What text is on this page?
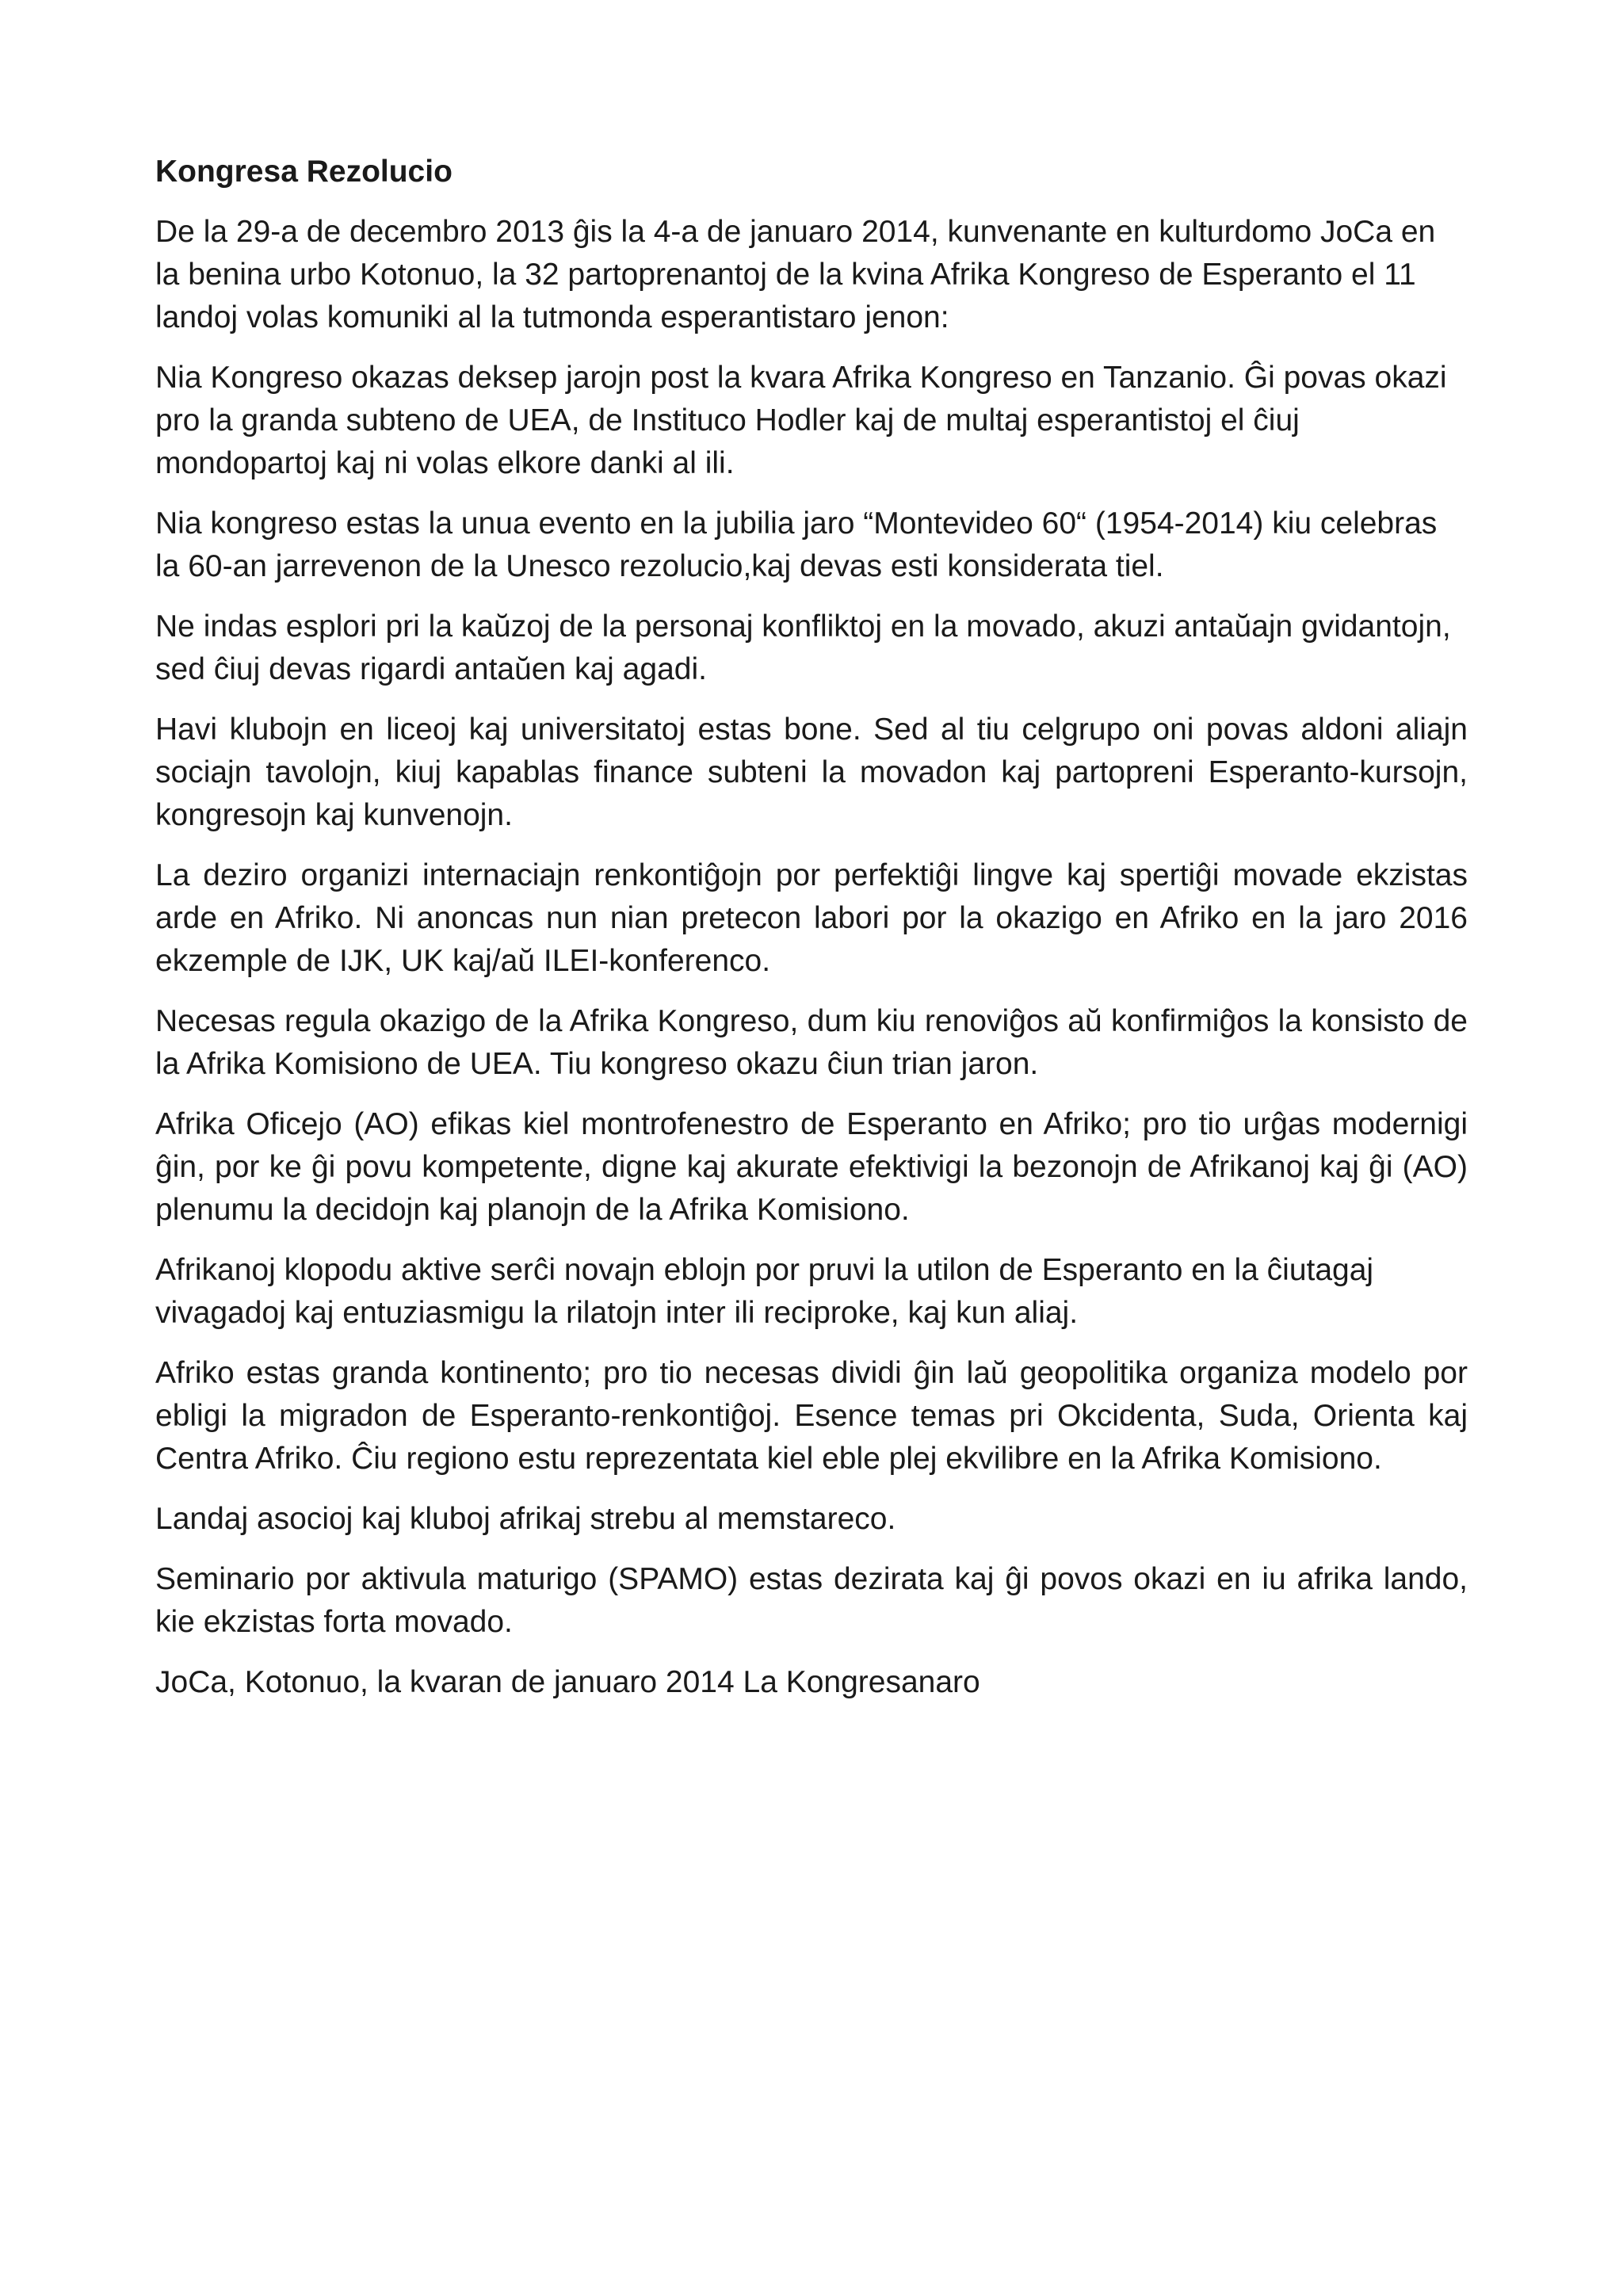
Kongresa Rezolucio

De la 29-a de decembro 2013 ĝis la 4-a de januaro 2014, kunvenante en kulturdomo JoCa en la benina urbo Kotonuo, la 32 partoprenantoj de la kvina Afrika Kongreso de Esperanto el 11 landoj volas komuniki al la tutmonda esperantistaro jenon:

Nia Kongreso okazas deksep jarojn post la kvara Afrika Kongreso en Tanzanio. Ĝi povas okazi pro la granda subteno de UEA, de Instituco Hodler kaj de multaj esperantistoj el ĉiuj mondopartoj kaj ni volas elkore danki al ili.

Nia kongreso estas la unua evento en la jubilia jaro “Montevideo 60“ (1954-2014) kiu celebras la 60-an jarrevenon de la Unesco rezolucio,kaj devas esti konsiderata tiel.

Ne indas esplori pri la kaŭzoj de la personaj konfliktoj en la movado, akuzi antaŭajn gvidantojn, sed ĉiuj devas rigardi antaŭen kaj agadi.

Havi klubojn en liceoj kaj universitatoj estas bone. Sed al tiu celgrupo oni povas aldoni aliajn sociajn tavolojn, kiuj kapablas finance subteni la movadon kaj partopreni Esperanto-kursojn, kongresojn kaj kunvenojn.

La deziro organizi internaciajn renkontiĝojn por perfektiĝi lingve kaj spertiĝi movade ekzistas arde en Afriko. Ni anoncas nun nian pretecon labori por la okazigo en Afriko en la jaro 2016 ekzemple de IJK, UK kaj/aŭ ILEI-konferenco.

Necesas regula okazigo de la Afrika Kongreso, dum kiu renoviĝos aŭ konfirmiĝos la konsisto de la Afrika Komisiono de UEA. Tiu kongreso okazu ĉiun trian jaron.

Afrika Oficejo (AO) efikas kiel montrofenestro de Esperanto en Afriko; pro tio urĝas modernigi ĝin, por ke ĝi povu kompetente, digne kaj akurate efektivigi la bezonojn de Afrikanoj kaj ĝi (AO) plenumu la decidojn kaj planojn de la Afrika Komisiono.

Afrikanoj klopodu aktive serĉi novajn eblojn por pruvi la utilon de Esperanto en la ĉiutagaj vivagadoj kaj entuziasmigu la rilatojn inter ili reciproke, kaj kun aliaj.

Afriko estas granda kontinento; pro tio necesas dividi ĝin laŭ geopolitika organiza modelo por ebligi la migradon de Esperanto-renkontiĝoj. Esence temas pri Okcidenta, Suda, Orienta kaj Centra Afriko. Ĉiu regiono estu reprezentata kiel eble plej ekvilibre en la Afrika Komisiono.

Landaj asocioj kaj kluboj afrikaj strebu al memstareco.

Seminario por aktivula maturigo (SPAMO) estas dezirata kaj ĝi povos okazi en iu afrika lando, kie ekzistas forta movado.

JoCa, Kotonuo, la kvaran de januaro 2014 La Kongresanaro
